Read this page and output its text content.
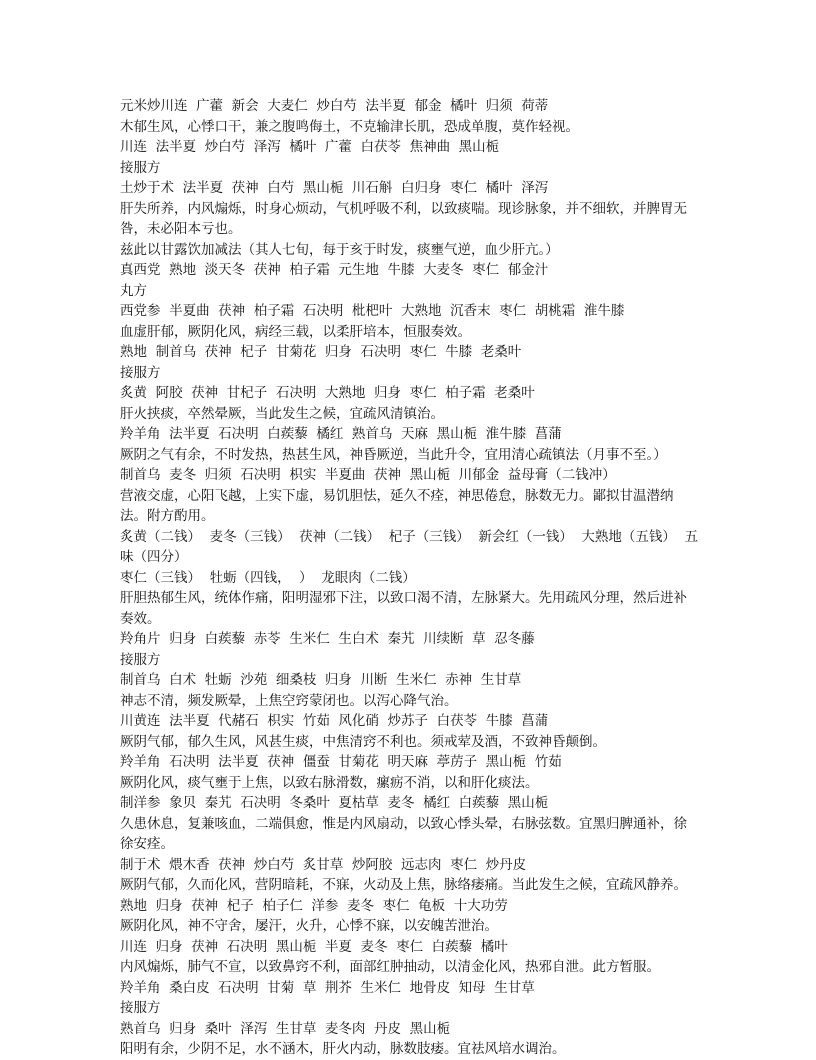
元米炒川连  广藿  新会  大麦仁  炒白芍  法半夏  郁金  橘叶  归须  荷蒂

木郁生风，心悸口干，兼之腹鸣侮土，不克输津长肌，恐成单腹，莫作轻视。

川连  法半夏  炒白芍  泽泻  橘叶  广藿  白茯苓  焦神曲  黑山栀

接服方

土炒于术  法半夏  茯神  白芍  黑山栀  川石斛  白归身  枣仁  橘叶  泽泻

肝失所养，内风煽烁，时身心烦动，气机呼吸不利，以致痰喘。现诊脉象，并不细软，并脾胃无咎，未必阳本亏也。

兹此以甘露饮加减法（其人七旬，每于亥于时发，痰壅气逆，血少肝亢。）

真西党  熟地  淡天冬  茯神  柏子霜  元生地  牛膝  大麦冬  枣仁  郁金汁

丸方

西党参  半夏曲  茯神  柏子霜  石决明  枇杷叶  大熟地  沉香末  枣仁  胡桃霜  淮牛膝

血虚肝郁，厥阴化风，病经三载，以柔肝培本，恒服奏效。

熟地  制首乌  茯神  杞子  甘菊花  归身  石决明  枣仁  牛膝  老桑叶

接服方

炙黄  阿胶  茯神  甘杞子  石决明  大熟地  归身  枣仁  柏子霜  老桑叶

肝火挟痰，卒然晕厥，当此发生之候，宜疏风清镇治。

羚羊角  法半夏  石决明  白蒺藜  橘红  熟首乌  天麻  黑山栀  淮牛膝  菖蒲

厥阴之气有余，不时发热，热甚生风，神昏厥逆，当此升令，宜用清心疏镇法（月事不至。）

制首乌  麦冬  归须  石决明  枳实  半夏曲  茯神  黑山栀  川郁金  益母膏（二钱冲）

营液交虚，心阳飞越，上实下虚，易饥胆怯，延久不痊，神思倦怠，脉数无力。鄙拟甘温潜纳法。附方酌用。

炙黄（二钱）  麦冬（三钱）  茯神（二钱）  杞子（三钱）  新会红（一钱）  大熟地（五钱）  五味（四分）

枣仁（三钱）  牡蛎（四钱，  ）  龙眼肉（二钱）

肝胆热郁生风，统体作痛，阳明湿邪下注，以致口渴不清，左脉紧大。先用疏风分理，然后进补奏效。

羚角片  归身  白蒺藜  赤苓  生米仁  生白术  秦艽  川续断  草  忍冬藤

接服方

制首乌  白术  牡蛎  沙苑  细桑枝  归身  川断  生米仁  赤神  生甘草

神志不清，频发厥晕，上焦空窍蒙闭也。以泻心降气治。

川黄连  法半夏  代赭石  枳实  竹茹  风化硝  炒苏子  白茯苓  牛膝  菖蒲

厥阴气郁，郁久生风，风甚生痰，中焦清窍不利也。须戒荤及酒，不致神昏颠倒。

羚羊角  石决明  法半夏  茯神  僵蚕  甘菊花  明天麻  葶苈子  黑山栀  竹茹

厥阴化风，痰气壅于上焦，以致右脉滑数，瘰疬不消，以和肝化痰法。

制洋参  象贝  秦艽  石决明  冬桑叶  夏枯草  麦冬  橘红  白蒺藜  黑山栀

久患休息，复兼咳血，二端俱愈，惟是内风扇动，以致心悸头晕，右脉弦数。宜黑归脾通补，徐徐安痊。

制于术  煨木香  茯神  炒白芍  炙甘草  炒阿胶  远志肉  枣仁  炒丹皮

厥阴气郁，久而化风，营阴暗耗，不寐，火动及上焦，脉络痿痛。当此发生之候，宜疏风静养。

熟地  归身  茯神  杞子  柏子仁  洋参  麦冬  枣仁  龟板  十大功劳

厥阴化风，神不守舍，屡汗，火升，心悸不寐，以安魄苦泄治。

川连  归身  茯神  石决明  黑山栀  半夏  麦冬  枣仁  白蒺藜  橘叶

内风煽烁，肺气不宣，以致鼻窍不利，面部红肿抽动，以清金化风，热邪自泄。此方暂服。

羚羊角  桑白皮  石决明  甘菊  草  荆芥  生米仁  地骨皮  知母  生甘草

接服方

熟首乌  归身  桑叶  泽泻  生甘草  麦冬肉  丹皮  黑山栀

阳明有余，少阴不足，水不涵木，肝火内动，脉数肢痿。宜祛风培水调治。
